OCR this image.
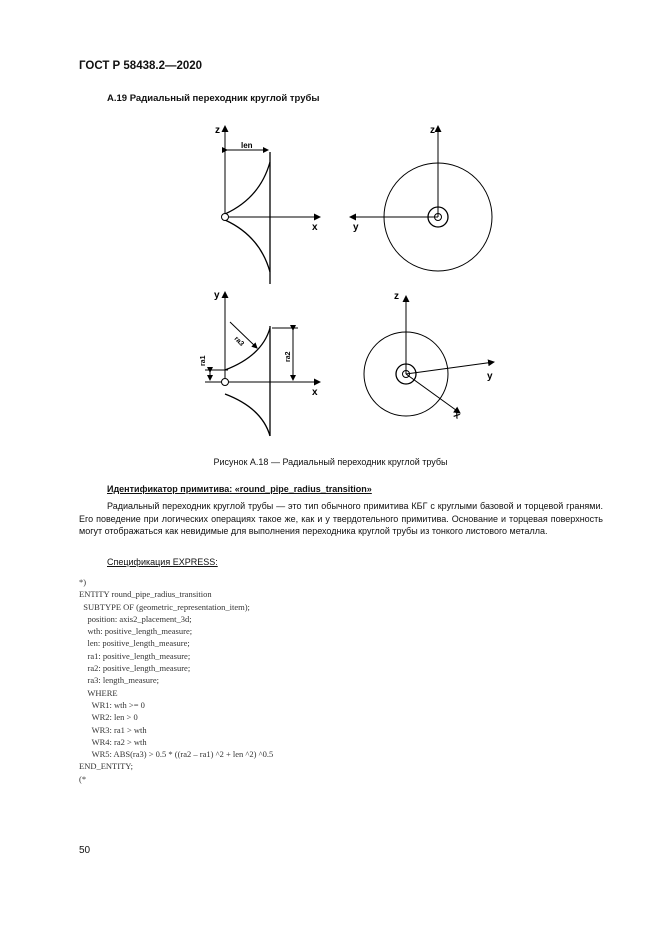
ГОСТ Р 58438.2—2020
А.19 Радиальный переходник круглой трубы
z
x
len
z
y
y
x
ra3
ra1	ra2
z
y
x
Рисунок А.18 — Радиальный переходник круглой трубы
Идентификатор примитива: «round_pipe_radius_transition»
Радиальный переходник круглой трубы — это тип обычного примитива КБГ с круглыми базовой и торцевой гранями. Его поведение при логических операциях такое же, как и у твердотельного примитива. Основание и торцевая поверхность могут отображаться как невидимые для выполнения переходника круглой трубы из тонкого листового металла.
Спецификация EXPRESS:
*)
ENTITY round_pipe_radius_transition
SUBTYPE OF (geometric_representation_item);
position: axis2_placement_3d;
wth: positive_length_measure;
len: positive_length_measure;
ra1: positive_length_measure;
ra2: positive_length_measure;
ra3: length_measure;
WHERE
WR1: wth >= 0
WR2: len > 0
WR3: ra1 > wth
WR4: ra2 > wth
WR5: ABS(ra3) > 0.5 * ((ra2 – ra1) ^2 + len ^2) ^0.5
END_ENTITY;
(*
50
